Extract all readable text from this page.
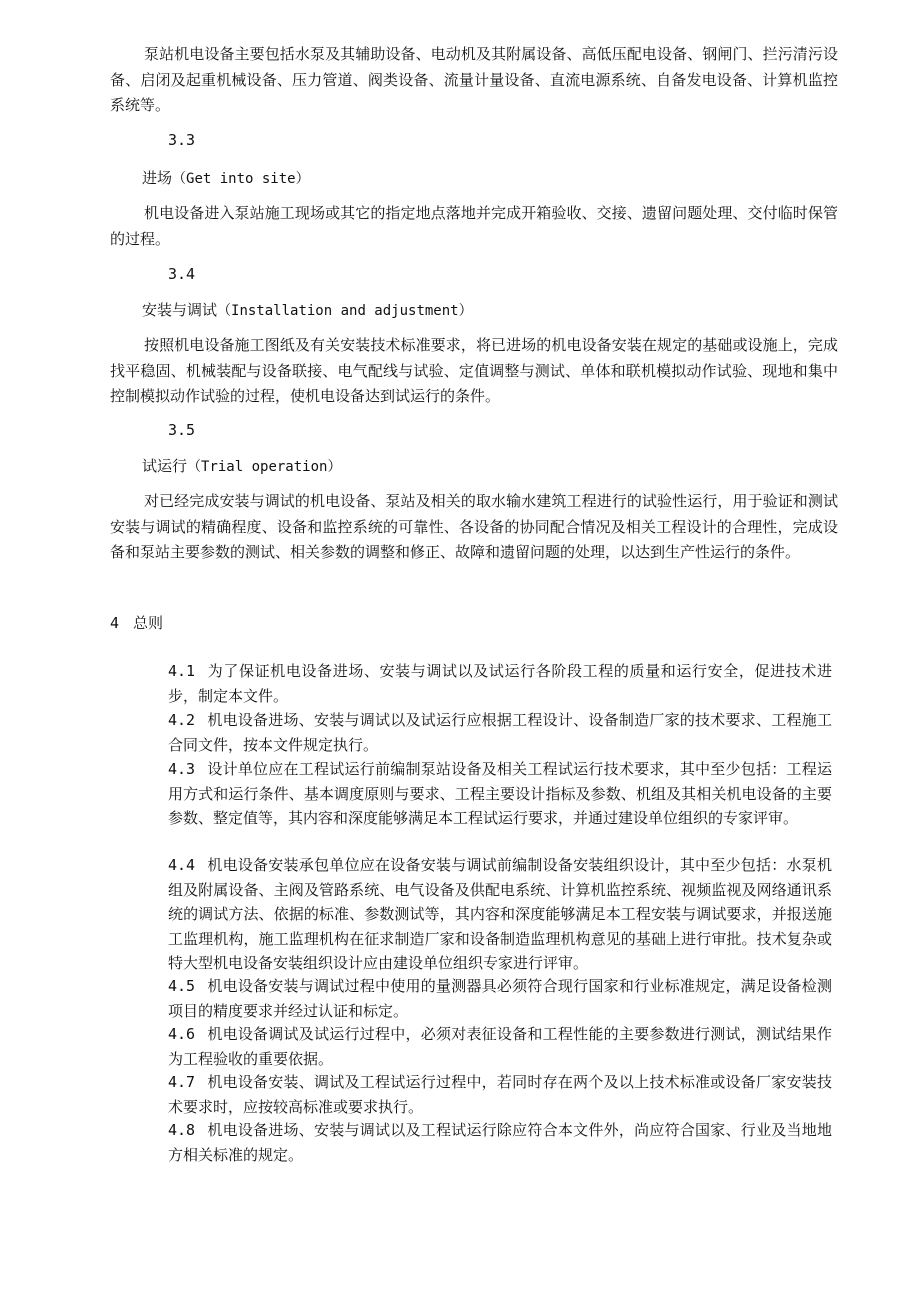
泵站机电设备主要包括水泵及其辅助设备、电动机及其附属设备、高低压配电设备、钢闸门、拦污清污设备、启闭及起重机械设备、压力管道、阀类设备、流量计量设备、直流电源系统、自备发电设备、计算机监控系统等。

3.3

进场（Get into site）

机电设备进入泵站施工现场或其它的指定地点落地并完成开箱验收、交接、遗留问题处理、交付临时保管的过程。

3.4

安装与调试（Installation and adjustment）

按照机电设备施工图纸及有关安装技术标准要求，将已进场的机电设备安装在规定的基础或设施上，完成找平稳固、机械装配与设备联接、电气配线与试验、定值调整与测试、单体和联机模拟动作试验、现地和集中控制模拟动作试验的过程，使机电设备达到试运行的条件。

3.5

试运行（Trial operation）

对已经完成安装与调试的机电设备、泵站及相关的取水输水建筑工程进行的试验性运行，用于验证和测试安装与调试的精确程度、设备和监控系统的可靠性、各设备的协同配合情况及相关工程设计的合理性，完成设备和泵站主要参数的测试、相关参数的调整和修正、故障和遗留问题的处理，以达到生产性运行的条件。

4 总则

4.1 为了保证机电设备进场、安装与调试以及试运行各阶段工程的质量和运行安全，促进技术进步，制定本文件。

4.2 机电设备进场、安装与调试以及试运行应根据工程设计、设备制造厂家的技术要求、工程施工合同文件，按本文件规定执行。

4.3 设计单位应在工程试运行前编制泵站设备及相关工程试运行技术要求，其中至少包括：工程运用方式和运行条件、基本调度原则与要求、工程主要设计指标及参数、机组及其相关机电设备的主要参数、整定值等，其内容和深度能够满足本工程试运行要求，并通过建设单位组织的专家评审。

4.4 机电设备安装承包单位应在设备安装与调试前编制设备安装组织设计，其中至少包括：水泵机组及附属设备、主阀及管路系统、电气设备及供配电系统、计算机监控系统、视频监视及网络通讯系统的调试方法、依据的标准、参数测试等，其内容和深度能够满足本工程安装与调试要求，并报送施工监理机构，施工监理机构在征求制造厂家和设备制造监理机构意见的基础上进行审批。技术复杂或特大型机电设备安装组织设计应由建设单位组织专家进行评审。

4.5 机电设备安装与调试过程中使用的量测器具必须符合现行国家和行业标准规定，满足设备检测项目的精度要求并经过认证和标定。

4.6 机电设备调试及试运行过程中，必须对表征设备和工程性能的主要参数进行测试，测试结果作为工程验收的重要依据。

4.7 机电设备安装、调试及工程试运行过程中，若同时存在两个及以上技术标准或设备厂家安装技术要求时，应按较高标准或要求执行。

4.8 机电设备进场、安装与调试以及工程试运行除应符合本文件外，尚应符合国家、行业及当地地方相关标准的规定。
